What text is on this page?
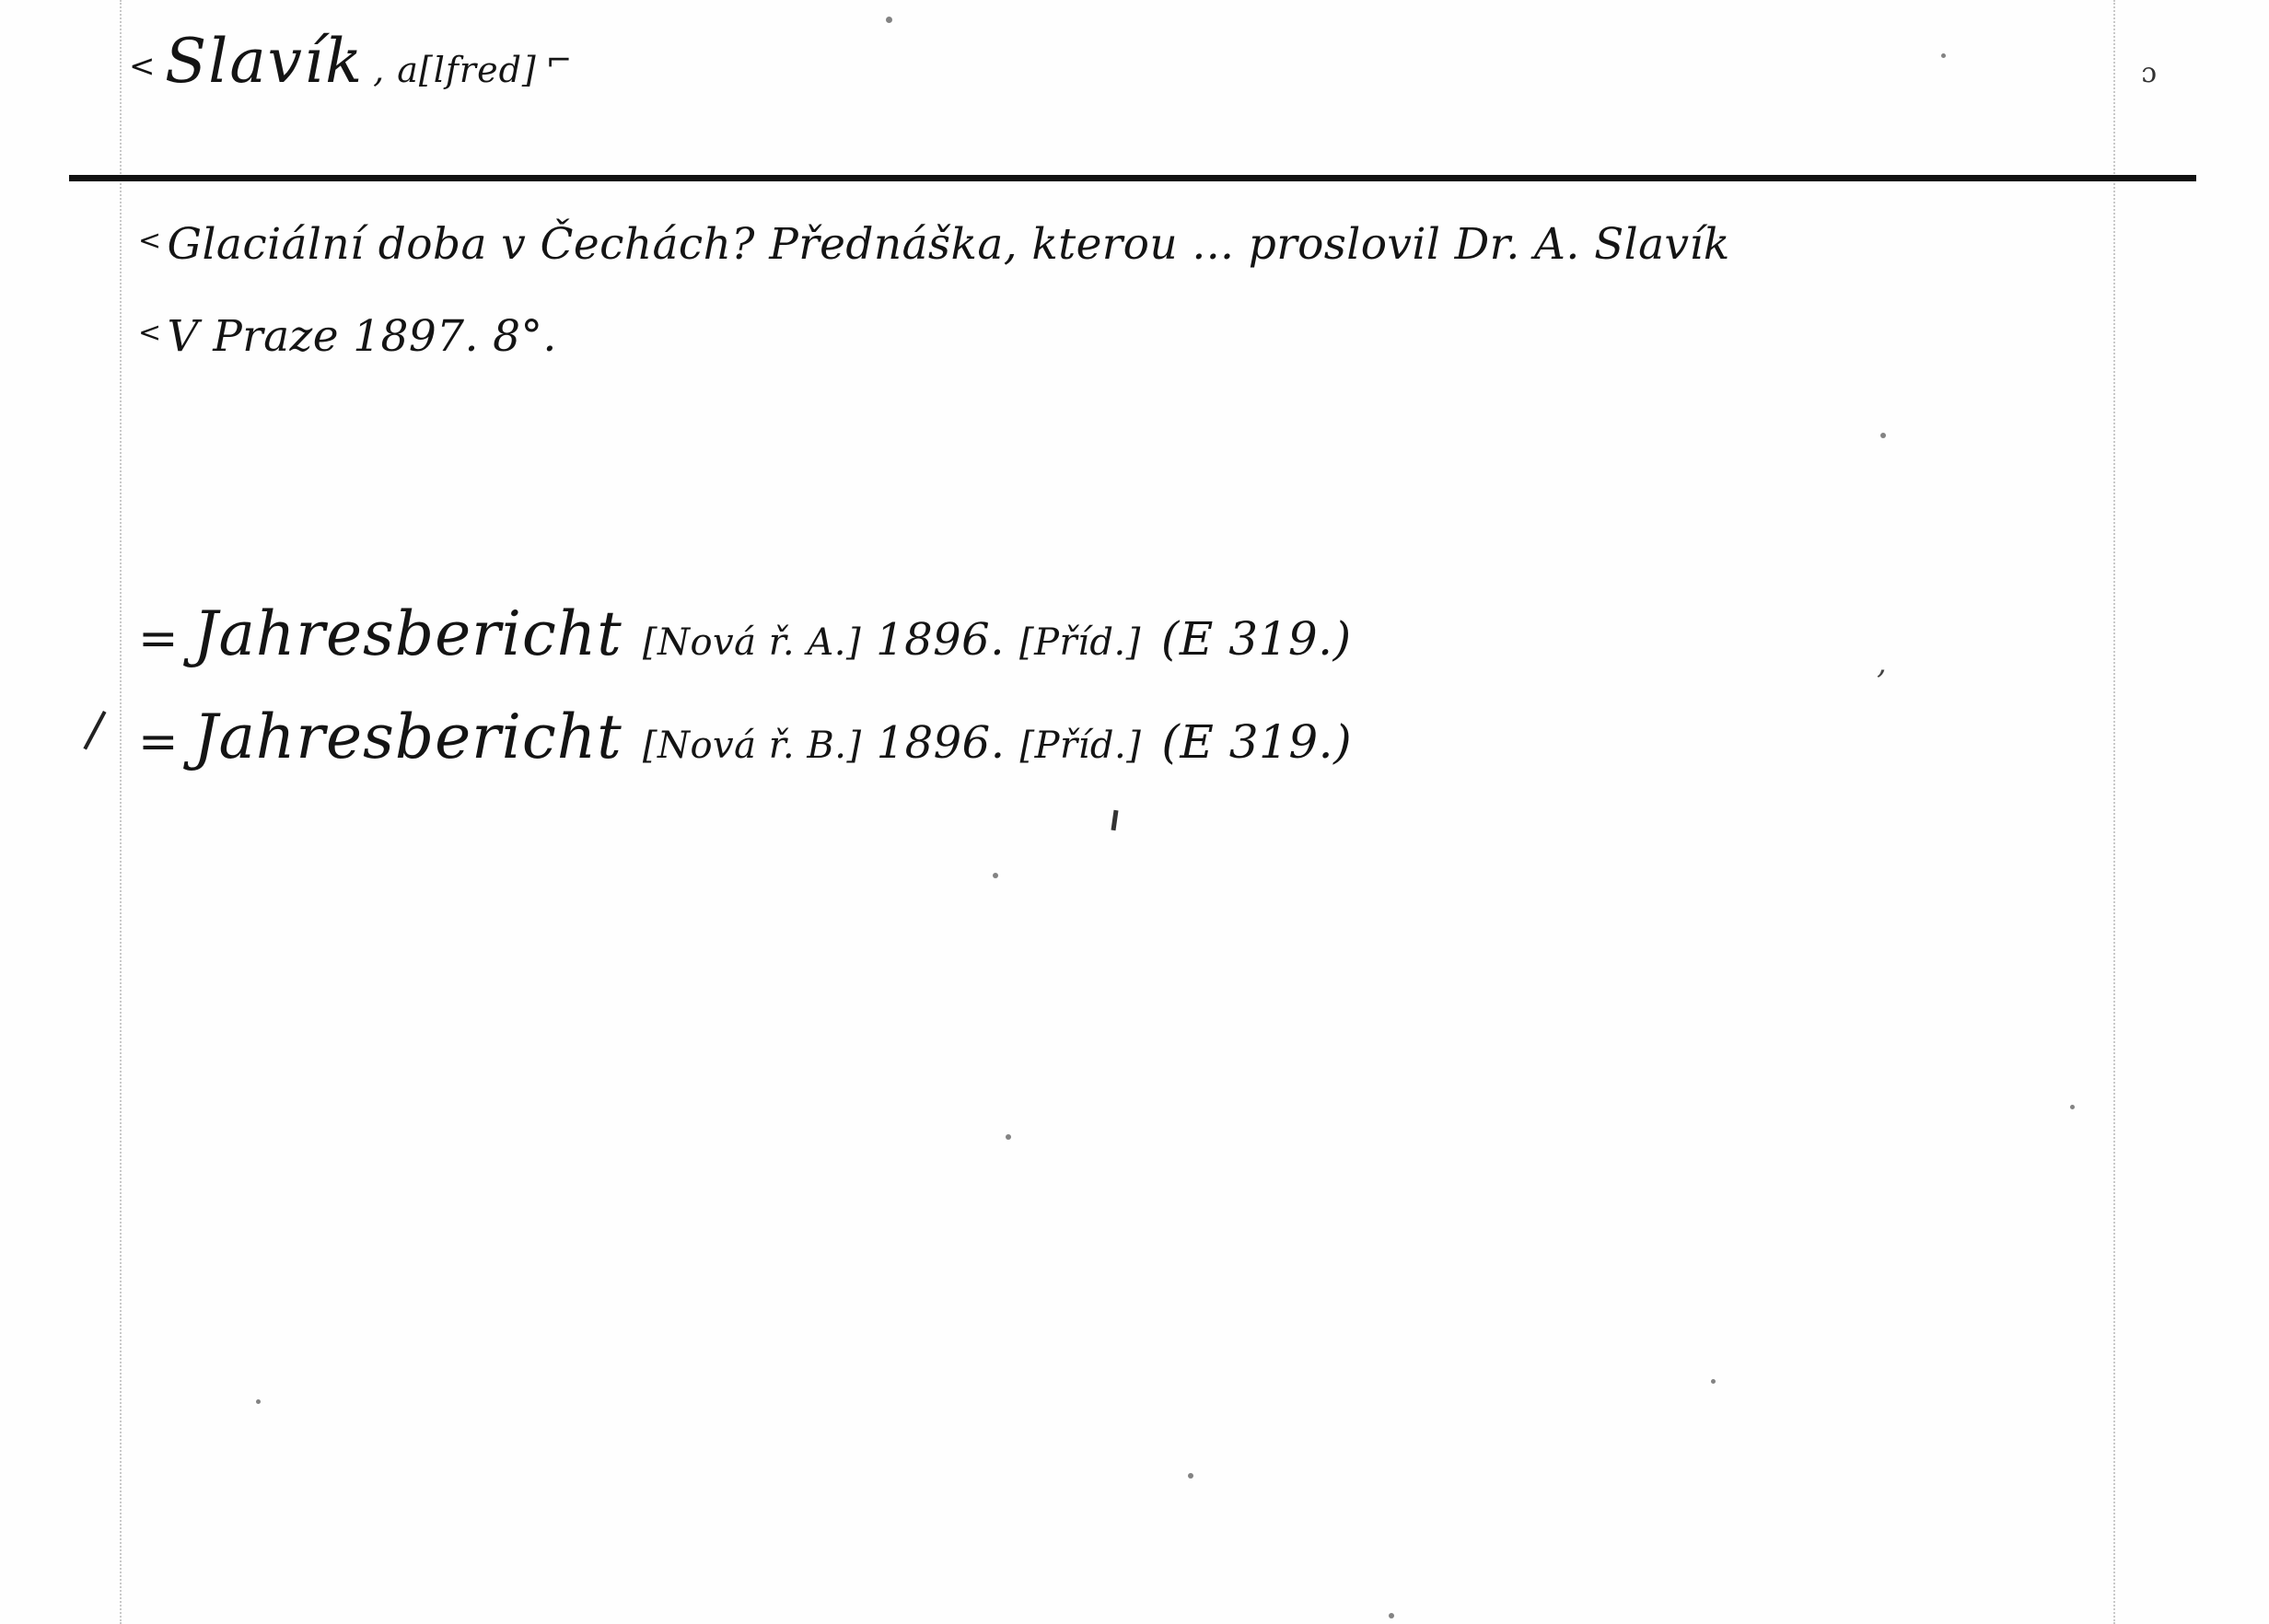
< Slavík , a[lfred] ⌐	ɔ
< Glaciální doba v Čechách? Přednáška, kterou ... proslovil Dr. A. Slavík
< V Praze 1897. 8°.
= Jahresbericht [Nová ř. A.] 1896. [Příd.] (E 319.)
= Jahresbericht [Nová ř. B.] 1896. [Příd.] (E 319.)
,
